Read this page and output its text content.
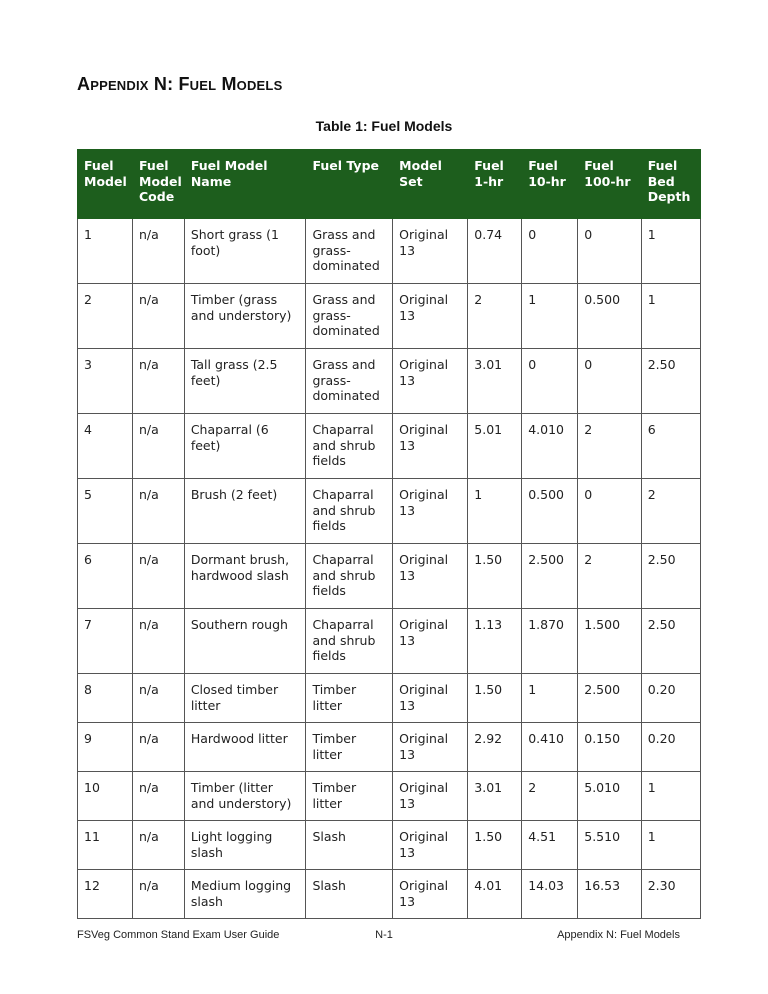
Appendix N: Fuel Models
Table 1: Fuel Models
Fuel Model	Fuel Model Code	Fuel Model Name	Fuel Type	Model Set	Fuel 1-hr	Fuel 10-hr	Fuel 100-hr	Fuel Bed Depth
1	n/a	Short grass (1 foot)	Grass and grass-dominated	Original 13	0.74	0	0	1
2	n/a	Timber (grass and understory)	Grass and grass-dominated	Original 13	2	1	0.500	1
3	n/a	Tall grass (2.5 feet)	Grass and grass-dominated	Original 13	3.01	0	0	2.50
4	n/a	Chaparral (6 feet)	Chaparral and shrub fields	Original 13	5.01	4.010	2	6
5	n/a	Brush (2 feet)	Chaparral and shrub fields	Original 13	1	0.500	0	2
6	n/a	Dormant brush, hardwood slash	Chaparral and shrub fields	Original 13	1.50	2.500	2	2.50
7	n/a	Southern rough	Chaparral and shrub fields	Original 13	1.13	1.870	1.500	2.50
8	n/a	Closed timber litter	Timber litter	Original 13	1.50	1	2.500	0.20
9	n/a	Hardwood litter	Timber litter	Original 13	2.92	0.410	0.150	0.20
10	n/a	Timber (litter and understory)	Timber litter	Original 13	3.01	2	5.010	1
11	n/a	Light logging slash	Slash	Original 13	1.50	4.51	5.510	1
12	n/a	Medium logging slash	Slash	Original 13	4.01	14.03	16.53	2.30
FSVeg Common Stand Exam User Guide	N-1	Appendix N: Fuel Models
